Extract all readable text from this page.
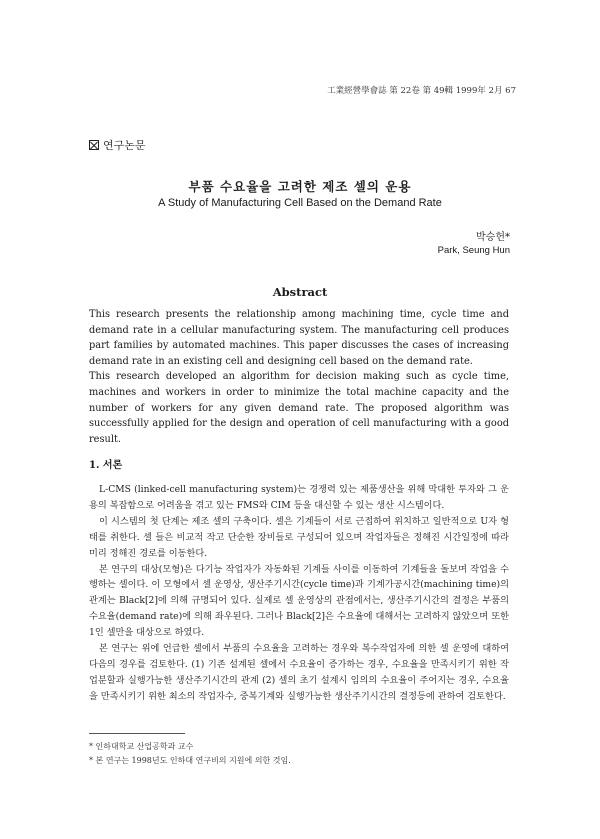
工業經營學會誌 第 22卷 第 49輯 1999年 2月 67
연구논문
부품 수요율을 고려한 제조 셀의 운용
A Study of Manufacturing Cell Based on the Demand Rate
박승헌*
Park, Seung Hun
Abstract

This research presents the relationship among machining time, cycle time and demand rate in a cellular manufacturing system. The manufacturing cell produces part families by automated machines. This paper discusses the cases of increasing demand rate in an existing cell and designing cell based on the demand rate.

This research developed an algorithm for decision making such as cycle time, machines and workers in order to minimize the total machine capacity and the number of workers for any given demand rate. The proposed algorithm was successfully applied for the design and operation of cell manufacturing with a good result.

1. 서론

L-CMS (linked-cell manufacturing system)는 경쟁력 있는 제품생산을 위해 막대한 투자와 그 운용의 복잡함으로 어려움을 겪고 있는 FMS와 CIM 등을 대신할 수 있는 생산 시스템이다.

이 시스템의 첫 단계는 제조 셀의 구축이다. 셀은 기계들이 서로 근접하여 위치하고 일반적으로 U자 형태를 취한다. 셀 들은 비교적 작고 단순한 장비들로 구성되어 있으며 작업자들은 정해진 시간일정에 따라 미리 정해진 경로를 이동한다.

본 연구의 대상(모형)은 다기능 작업자가 자동화된 기계들 사이를 이동하여 기계들을 돌보며 작업을 수행하는 셀이다. 이 모형에서 셀 운영상, 생산주기시간(cycle time)과 기계가공시간(machining time)의 관계는 Black[2]에 의해 규명되어 있다. 실제로 셀 운영상의 관점에서는, 생산주기시간의 결정은 부품의 수요율(demand rate)에 의해 좌우된다. 그러나 Black[2]은 수요율에 대해서는 고려하지 않았으며 또한 1인 셀만을 대상으로 하였다.

본 연구는 위에 언급한 셀에서 부품의 수요율을 고려하는 경우와 복수작업자에 의한 셀 운영에 대하여 다음의 경우를 검토한다. (1) 기존 설계된 셀에서 수요율이 증가하는 경우, 수요율을 만족시키기 위한 작업분할과 실행가능한 생산주기시간의 관계 (2) 셀의 초기 설계시 임의의 수요율이 주어지는 경우, 수요율을 만족시키기 위한 최소의 작업자수, 중복기계와 실행가능한 생산주기시간의 결정등에 관하여 검토한다.

* 인하대학교 산업공학과 교수
* 본 연구는 1998년도 인하대 연구비의 지원에 의한 것임.
